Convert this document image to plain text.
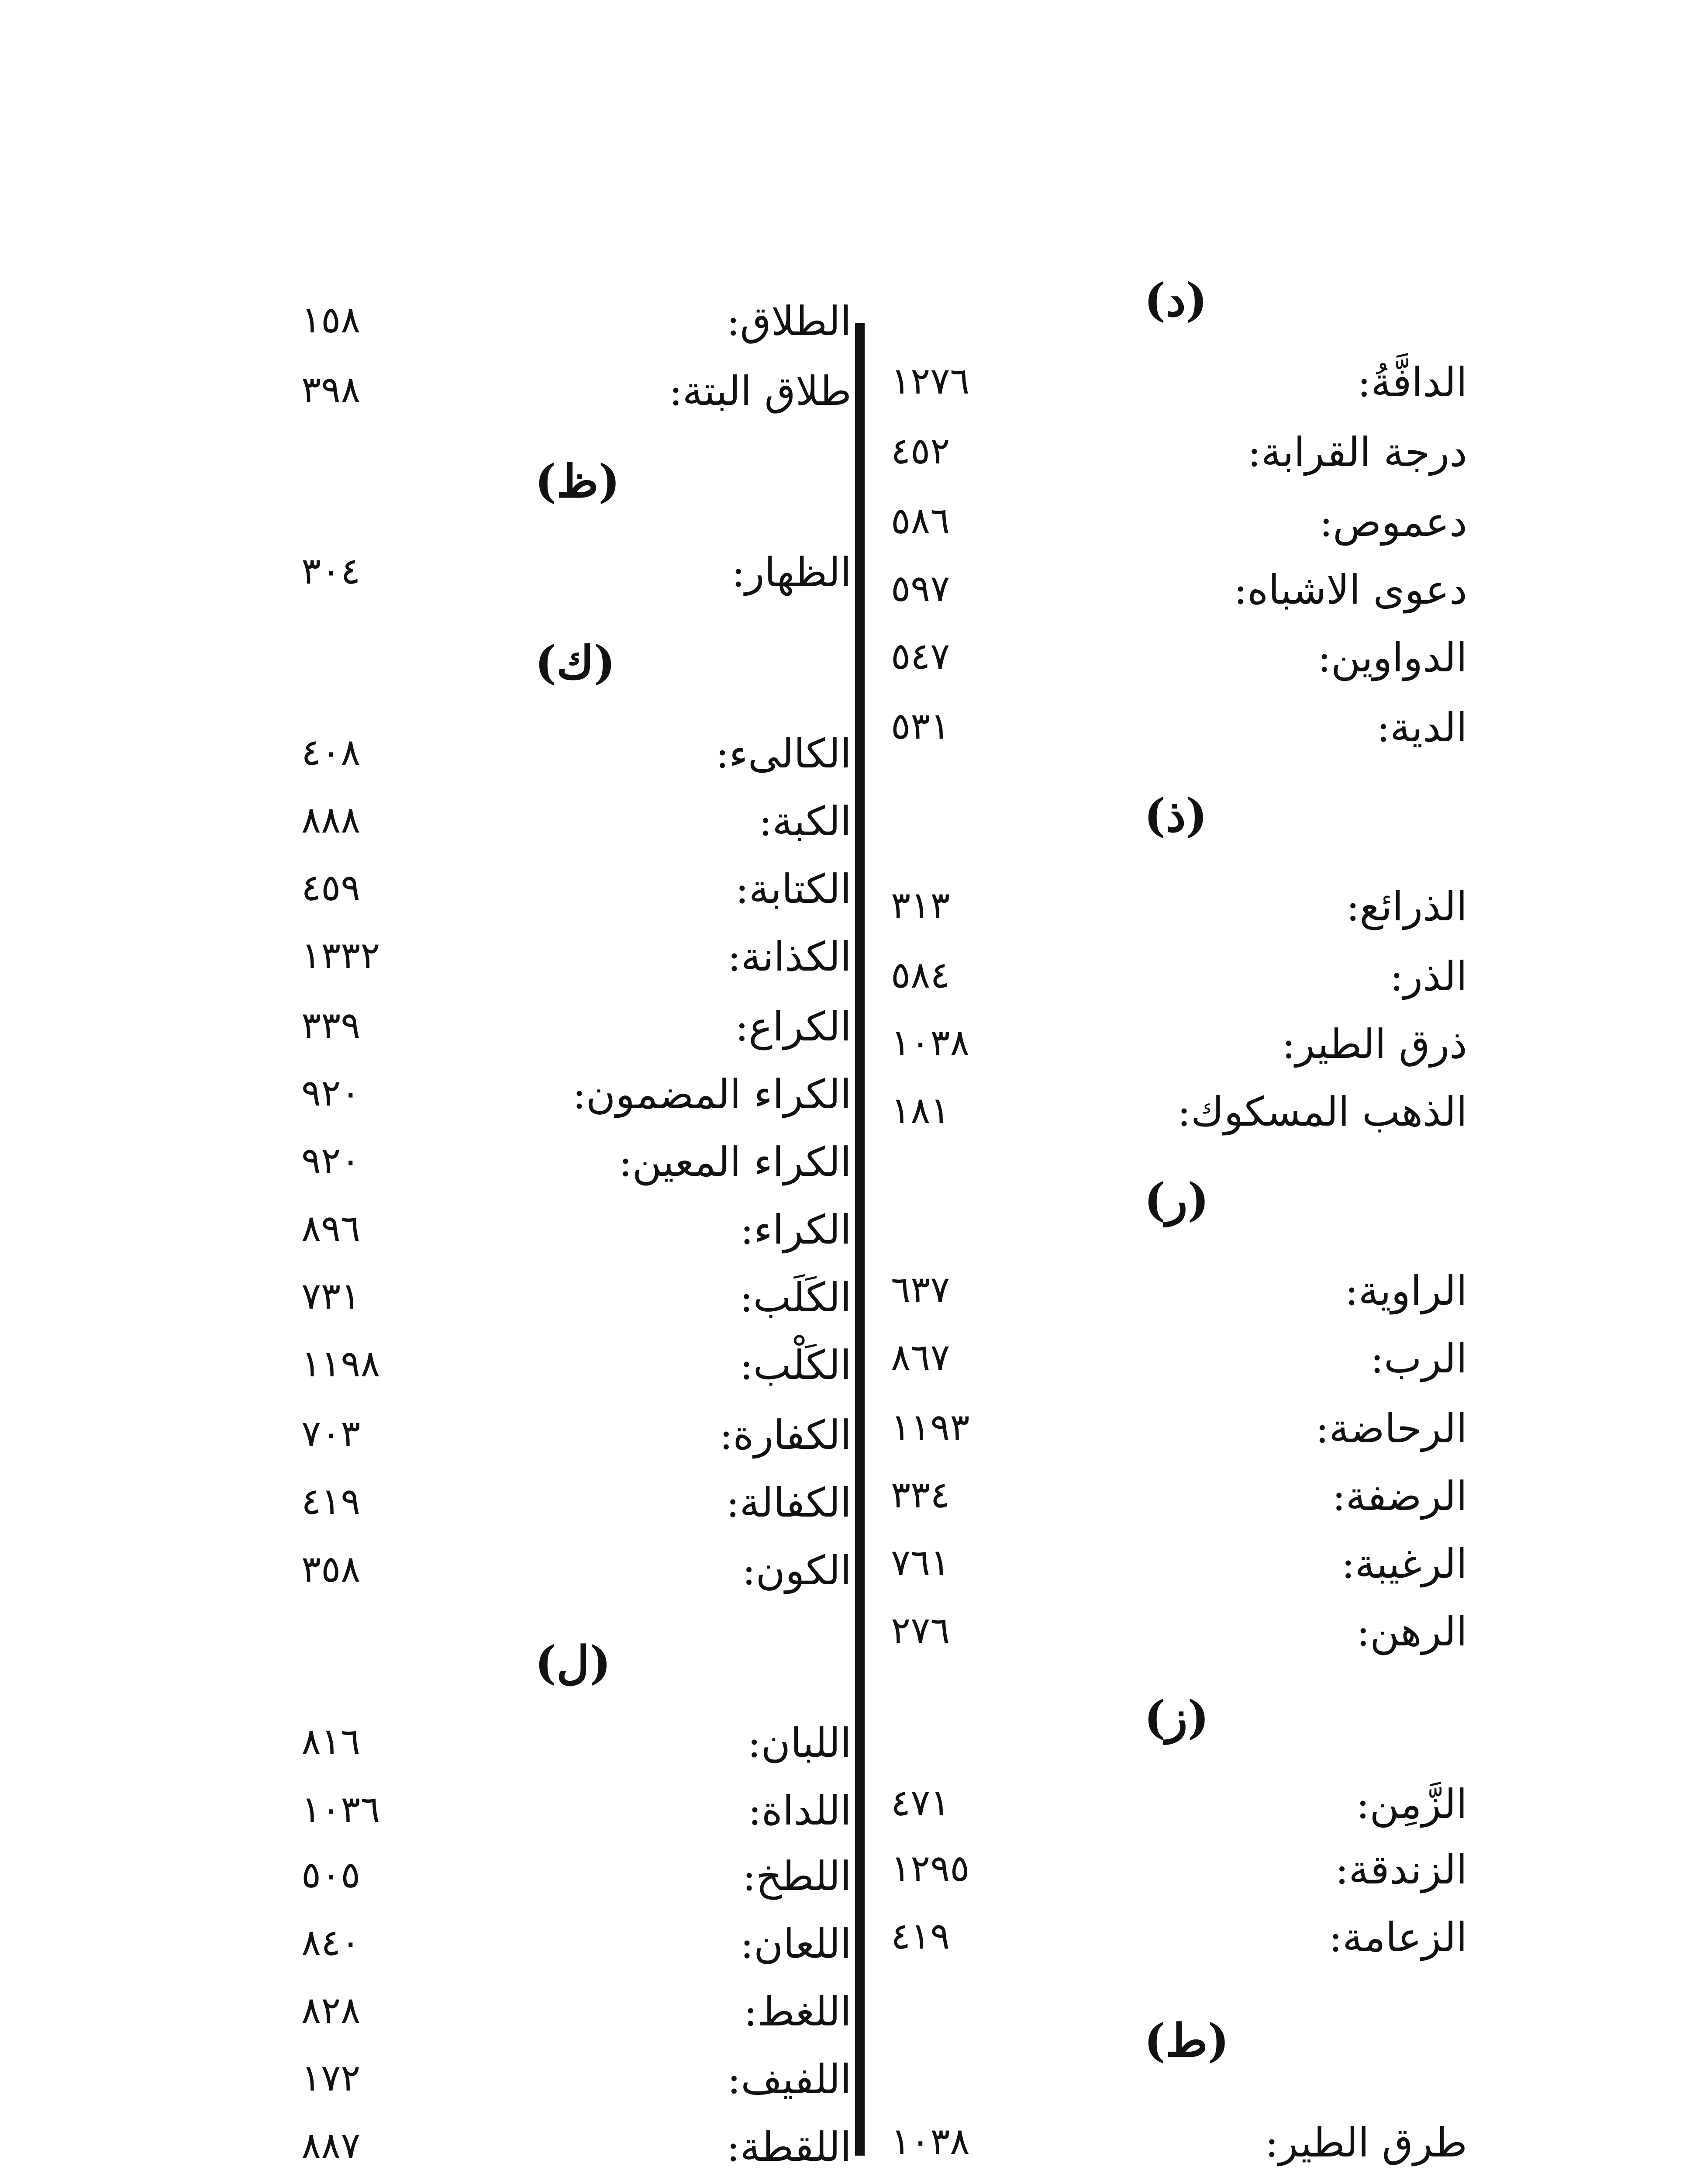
(د)
الدافَّةُ:
١٢٧٦
درجة القرابة:
٤٥٢
دعموص:
٥٨٦
دعوى الاشباه:
٥٩٧
الدواوين:
٥٤٧
الدية:
٥٣١
(ذ)
الذرائع:
٣١٣
الذر:
٥٨٤
ذرق الطير:
١٠٣٨
الذهب المسكوك:
١٨١
(ر)
الراوية:
٦٣٧
الرب:
٨٦٧
الرحاضة:
١١٩٣
الرضفة:
٣٣٤
الرغيبة:
٧٦١
الرهن:
٢٧٦
(ز)
الزَّمِن:
٤٧١
الزندقة:
١٢٩٥
الزعامة:
٤١٩
(ط)
طرق الطير:
١٠٣٨
الطلاق:
١٥٨
طلاق البتة:
٣٩٨
(ظ)
الظهار:
٣٠٤
(ك)
الكالىء:
٤٠٨
الكبة:
٨٨٨
الكتابة:
٤٥٩
الكذانة:
١٣٣٢
الكراع:
٣٣٩
الكراء المضمون:
٩٢٠
الكراء المعين:
٩٢٠
الكراء:
٨٩٦
الكَلَب:
٧٣١
الكَلْب:
١١٩٨
الكفارة:
٧٠٣
الكفالة:
٤١٩
الكون:
٣٥٨
(ل)
اللبان:
٨١٦
اللداة:
١٠٣٦
اللطخ:
٥٠٥
اللعان:
٨٤٠
اللغط:
٨٢٨
اللفيف:
١٧٢
اللقطة:
٨٨٧
